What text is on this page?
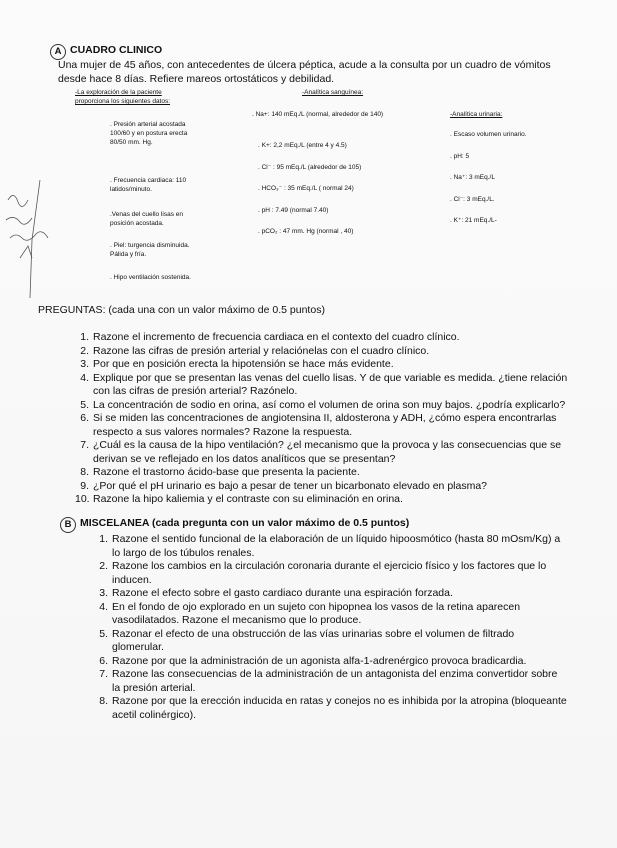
A CUADRO CLINICO
Una mujer de 45 años, con antecedentes de úlcera péptica, acude a la consulta por un cuadro de vómitos desde hace 8 días. Refiere mareos ortostáticos y debilidad.
-La exploración de la paciente
proporciona los siguientes datos:
. Presión arterial acostada 100/60 y en postura erecta 80/50 mm. Hg.
. Frecuencia cardiaca: 110 latidos/minuto.
.Venas del cuello lisas en posición acostada.
. Piel: turgencia disminuida. Pálida y fría.
. Hipo ventilación sostenida.
-Analítica sanguínea:
. Na+: 140 mEq./L (normal, alrededor de 140)
. K+: 2,2 mEq./L (entre 4 y 4.5)
. Cl⁻ : 95 mEq./L (alrededor de 105)
. HCO₃⁻ : 35 mEq./L ( normal 24)
. pH : 7.49 (normal 7.40)
. pCO₂ : 47 mm. Hg (normal , 40)
-Analítica urinaria:
. Escaso volumen urinario.
. pH: 5
. Na⁺: 3 mEq./L
. Cl⁻: 3 mEq./L.
. K⁺: 21 mEq./L-
PREGUNTAS: (cada una con un valor máximo de 0.5 puntos)
1. Razone el incremento de frecuencia cardiaca en el contexto del cuadro clínico.
2. Razone las cifras de presión arterial y relaciónelas con el cuadro clínico.
3. Por que en posición erecta la hipotensión se hace más evidente.
4. Explique por que se presentan las venas del cuello lisas. Y de que variable es medida. ¿tiene relación con las cifras de presión arterial? Razónelo.
5. La concentración de sodio en orina, así como el volumen de orina son muy bajos. ¿podría explicarlo?
6. Si se miden las concentraciones de angiotensina II, aldosterona y ADH, ¿cómo espera encontrarlas respecto a sus valores normales? Razone la respuesta.
7. ¿Cuál es la causa de la hipo ventilación? ¿el mecanismo que la provoca y las consecuencias que se derivan se ve reflejado en los datos analíticos que se presentan?
8. Razone el trastorno ácido-base que presenta la paciente.
9. ¿Por qué el pH urinario es bajo a pesar de tener un bicarbonato elevado en plasma?
10. Razone la hipo kaliemia y el contraste con su eliminación en orina.
B MISCELANEA (cada pregunta con un valor máximo de 0.5 puntos)
1. Razone el sentido funcional de la elaboración de un líquido hipoosmótico (hasta 80 mOsm/Kg) a lo largo de los túbulos renales.
2. Razone los cambios en la circulación coronaria durante el ejercicio físico y los factores que lo inducen.
3. Razone el efecto sobre el gasto cardiaco durante una espiración forzada.
4. En el fondo de ojo explorado en un sujeto con hipopnea los vasos de la retina aparecen vasodilatados. Razone el mecanismo que lo produce.
5. Razonar el efecto de una obstrucción de las vías urinarias sobre el volumen de filtrado glomerular.
6. Razone por que la administración de un agonista alfa-1-adrenérgico provoca bradicardia.
7. Razone las consecuencias de la administración de un antagonista del enzima convertidor sobre la presión arterial.
8. Razone por que la erección inducida en ratas y conejos no es inhibida por la atropina (bloqueante acetil colinérgico).
